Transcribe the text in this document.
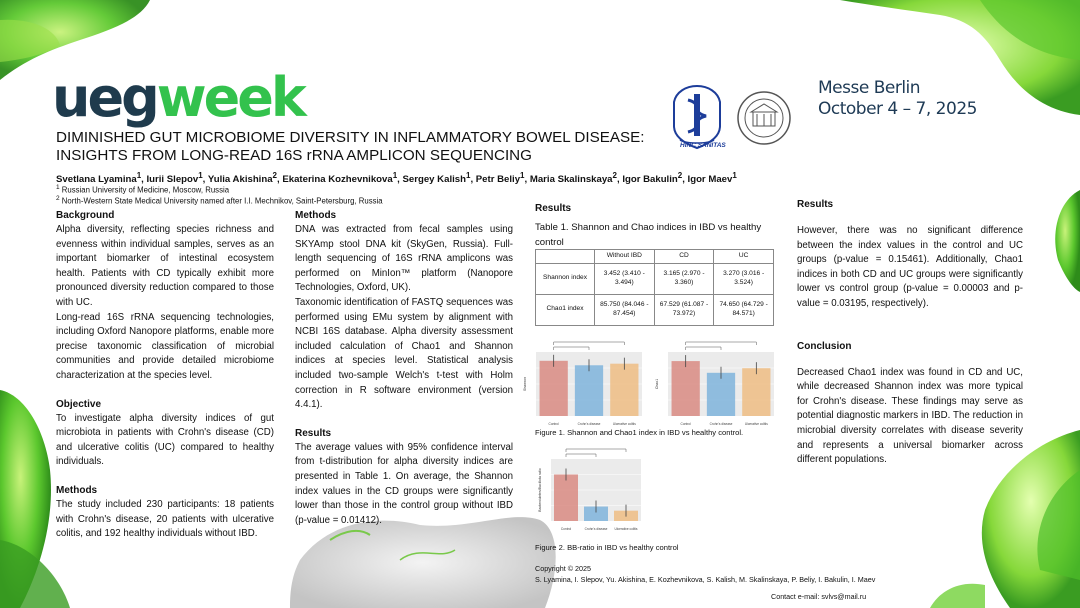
uegweek
HINC SANITAS
Messe Berlin
October 4 – 7, 2025
DIMINISHED GUT MICROBIOME DIVERSITY IN INFLAMMATORY BOWEL DISEASE:
INSIGHTS FROM LONG-READ 16S rRNA AMPLICON SEQUENCING
Svetlana Lyamina$^1$, Iurii Slepov$^1$, Yulia Akishina$^2$, Ekaterina Kozhevnikova$^1$, Sergey Kalish$^1$, Petr Beliy$^1$, Maria Skalinskaya$^2$, Igor Bakulin$^2$, Igor Maev$^1$
$^1$ Russian University of Medicine, Moscow, Russia
$^2$ North-Western State Medical University named after I.I. Mechnikov, Saint-Petersburg, Russia
Background

Alpha diversity, reflecting species richness and evenness within individual samples, serves as an important biomarker of intestinal ecosystem health. Patients with CD typically exhibit more pronounced diversity reduction compared to those with UC.

Long-read 16S rRNA sequencing technologies, including Oxford Nanopore platforms, enable more precise taxonomic classification of microbial communities and provide detailed microbiome characterization at the species level.

Objective

To investigate alpha diversity indices of gut microbiota in patients with Crohn's disease (CD) and ulcerative colitis (UC) compared to healthy individuals.

Methods

The study included 230 participants: 18 patients with Crohn's disease, 20 patients with ulcerative colitis, and 192 healthy individuals without IBD.

Methods

DNA was extracted from fecal samples using SKYAmp stool DNA kit (SkyGen, Russia). Full-length sequencing of 16S rRNA amplicons was performed on MinIon™ platform (Nanopore Technologies, Oxford, UK).

Taxonomic identification of FASTQ sequences was performed using EMu system by alignment with NCBI 16S database. Alpha diversity assessment included calculation of Chao1 and Shannon indices at species level. Statistical analysis included two-sample Welch's t-test with Holm correction in R software environment (version 4.4.1).

Results

The average values with 95% confidence interval from t-distribution for alpha diversity indices are presented in Table 1. On average, the Shannon index values in the CD groups were significantly lower than those in the control group without IBD (p-value = 0.01412).

Results
Table 1. Shannon and Chao indices in IBD vs healthy control
	Without IBD	CD	UC
Shannon index	3.452 (3.410 - 3.494)	3.165 (2.970 - 3.360)	3.270 (3.016 - 3.524)
Chao1 index	85.750 (84.046 - 87.454)	67.529 (61.087 - 73.972)	74.650 (64.729 - 84.571)
Control	Crohn's disease	Ulcerative colitis
Shannon
Control	Crohn's disease	Ulcerative colitis
Chao1
Figure 1. Shannon and Chao1 index in IBD vs healthy control.
Control	Crohn's disease Ulcerative colitis
Bacteroidetes/Bacillota ratio
Figure 2. BB-ratio in IBD vs healthy control
Copyright © 2025
S. Lyamina, I. Slepov, Yu. Akishina, E. Kozhevnikova, S. Kalish, M. Skalinskaya, P. Beliy, I. Bakulin, I. Maev
Contact e-mail: svlvs@mail.ru
Results

However, there was no significant difference between the index values in the control and UC groups (p-value = 0.15461). Additionally, Chao1 indices in both CD and UC groups were significantly lower vs control group (p-value = 0.00003 and p-value = 0.03195, respectively).

Conclusion

Decreased Chao1 index was found in CD and UC, while decreased Shannon index was more typical for Crohn's disease. These findings may serve as potential diagnostic markers in IBD. The reduction in microbial diversity correlates with disease severity and represents a universal biomarker across different populations.
